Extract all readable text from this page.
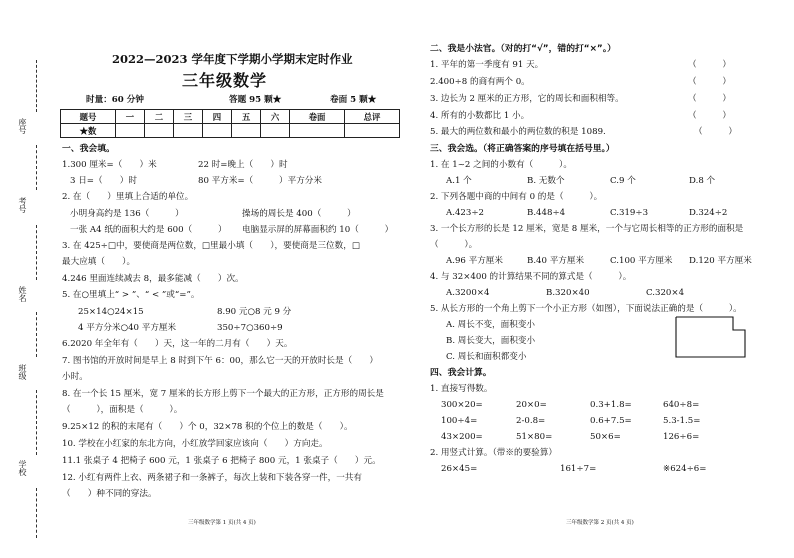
座号
考号
姓名
班级
学校
2022—2023 学年度下学期小学期末定时作业
三年级数学
时量：60 分钟	答题 95 颗★	卷面 5 颗★
题号	一	二	三	四	五	六	卷面	总评
★数								
一、我会填。
1.300 厘米=（　　）米	22 时=晚上（　　）时
3 日=（　　）时	80 平方米=（　　　）平方分米
2. 在（　　）里填上合适的单位。
小明身高约是 136（　　　）	操场的周长是 400（　　　）
一张 A4 纸的面积大约是 600（　　　） 电脑显示屏的屏幕面积约 10（　　　）
3. 在 425÷□中，要使商是两位数，□里最小填（　　），要使商是三位数，□
最大应填（　　）。
4.246 里面连续减去 8，最多能减（　　）次。
5. 在○里填上“ > ”、“ < ”或“=”。
25×14○24×15	8.90 元○8 元 9 分
4 平方分米○40 平方厘米	350÷7○360÷9
6.2020 年全年有（　　）天，这一年的二月有（　　）天。
7. 图书馆的开放时间是早上 8 时到下午 6：00，那么它一天的开放时长是（　　）
小时。
8. 在一个长 15 厘米，宽 7 厘米的长方形上剪下一个最大的正方形，正方形的周长是
（　　　），面积是（　　　）。
9.25×12 的积的末尾有（　　）个 0，32×78 积的个位上的数是（　　）。
10. 学校在小红家的东北方向，小红放学回家应该向（　　）方向走。
11.1 张桌子 4 把椅子 600 元，1 张桌子 6 把椅子 800 元，1 张桌子（　　）元。
12. 小红有两件上衣、两条裙子和一条裤子，每次上装和下装各穿一件，一共有
（　　）种不同的穿法。
三年级数学第 1 页(共 4 页)
二、我是小法官。（对的打“√”，错的打“×”。）
1. 平年的第一季度有 91 天。	（　　　）
2.400÷8 的商有两个 0。	（　　　）
3. 边长为 2 厘米的正方形，它的周长和面积相等。	（　　　）
4. 所有的小数都比 1 小。	（　　　）
5. 最大的两位数和最小的两位数的积是 1089.	（　　　）
三、我会选。（将正确答案的序号填在括号里。）
1. 在 1~2 之间的小数有（　　　）。
A.1 个	B. 无数个	C.9 个	D.8 个
2. 下列各题中商的中间有 0 的是（　　　）。
A.423÷2	B.448÷4	C.319÷3	D.324÷2
3. 一个长方形的长是 12 厘米，宽是 8 厘米，一个与它周长相等的正方形的面积是
（　　　）。
A.96 平方厘米	B.40 平方厘米	C.100 平方厘米 D.120 平方厘米
4. 与 32×400 的计算结果不同的算式是（　　　）。
A.3200×4	B.320×40	C.320×4
5. 从长方形的一个角上剪下一个小正方形（如图），下面说法正确的是（　　　）。
A. 周长不变，面积变小
B. 周长变大，面积变小
C. 周长和面积都变小
四、我会计算。
1. 直接写得数。
300×20=	20×0=	0.3+1.8=	640÷8=
100÷4=	2-0.8=	0.6+7.5=	5.3-1.5=
43×200=	51×80=	50×6=	126÷6=
2. 用竖式计算。（带※的要验算）
26×45=	161÷7=	※624÷6=
三年级数学第 2 页(共 4 页)
